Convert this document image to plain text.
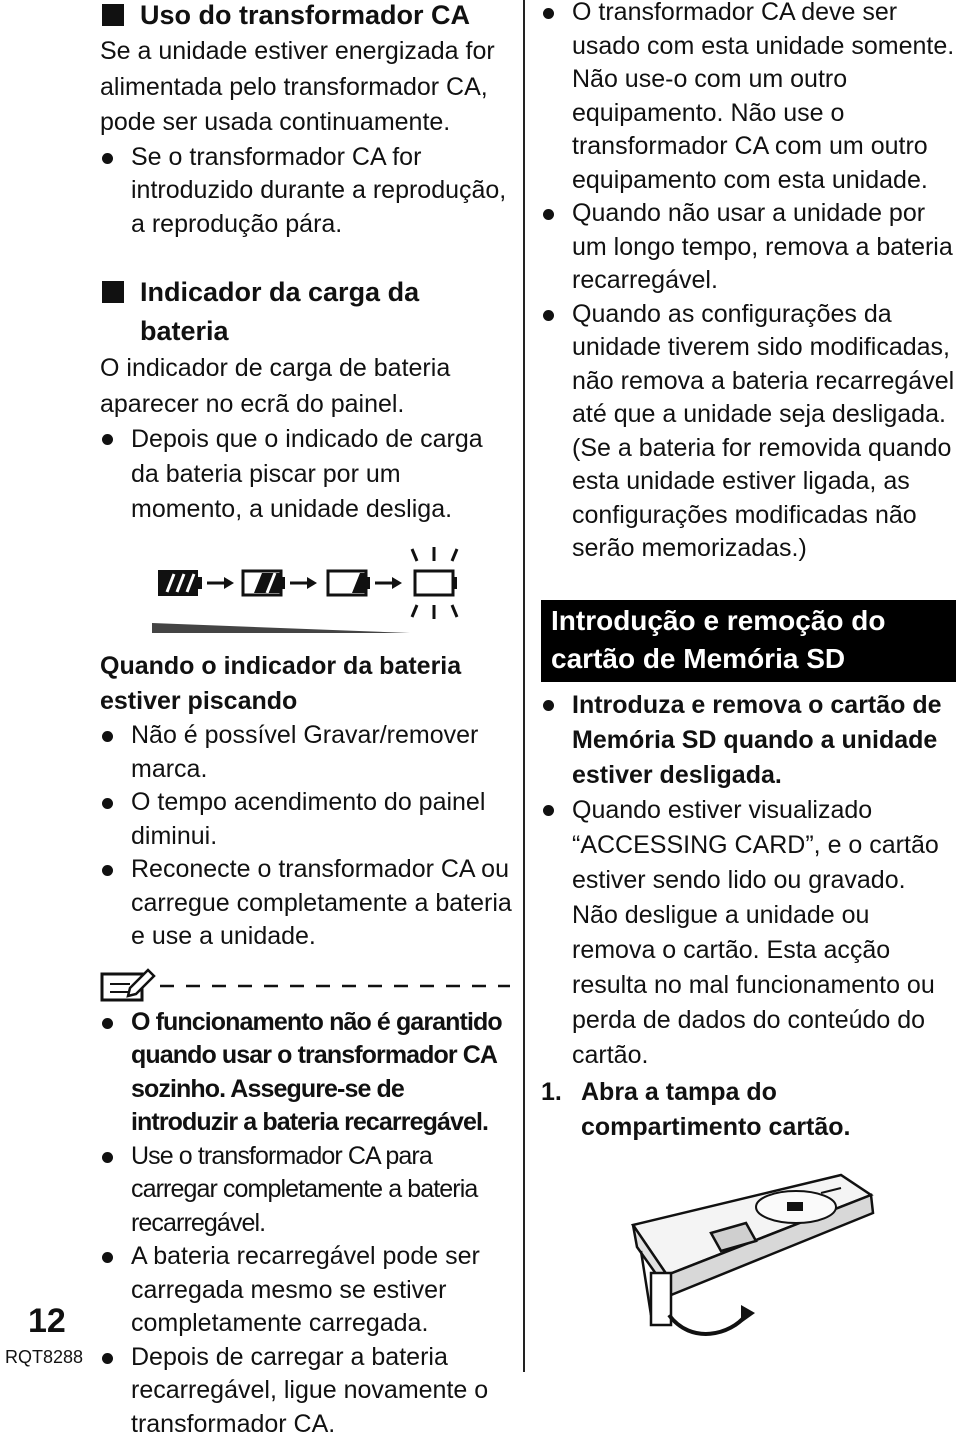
Uso do transformador CA

Se a unidade estiver energizada for alimentada pelo transformador CA, pode ser usada continuamente.

Se o transformador CA for introduzido durante a reprodução, a reprodução pára.

Indicador da carga da bateria

O indicador de carga de bateria aparecer no ecrã do painel.

Depois que o indicado de carga da bateria piscar por um momento, a unidade desliga.

Quando o indicador da bateria estiver piscando

Não é possível Gravar/remover marca.

O tempo acendimento do painel diminui.

Reconecte o transformador CA ou carregue completamente a bateria e use a unidade.

O funcionamento não é garantido quando usar o transformador CA sozinho. Assegure-se de introduzir a bateria recarregável.

Use o transformador CA para carregar completamente a bateria recarregável.

A bateria recarregável pode ser carregada mesmo se estiver completamente carregada.

Depois de carregar a bateria recarregável, ligue novamente o transformador CA.

O transformador CA deve ser usado com esta unidade somente. Não use-o com um outro equipamento. Não use o transformador CA com um outro equipamento com esta unidade.

Quando não usar a unidade por um longo tempo, remova a bateria recarregável.

Quando as configurações da unidade tiverem sido modificadas, não remova a bateria recarregável até que a unidade seja desligada. (Se a bateria for removida quando esta unidade estiver ligada, as configurações modificadas não serão memorizadas.)

Introdução e remoção do cartão de Memória SD

Introduza e remova o cartão de Memória SD quando a unidade estiver desligada.

Quando estiver visualizado “ACCESSING CARD”, e o cartão estiver sendo lido ou gravado. Não desligue a unidade ou remova o cartão. Esta acção resulta no mal funcionamento ou perda de dados do conteúdo do cartão.

1. Abra a tampa do compartimento cartão.

12
RQT8288
